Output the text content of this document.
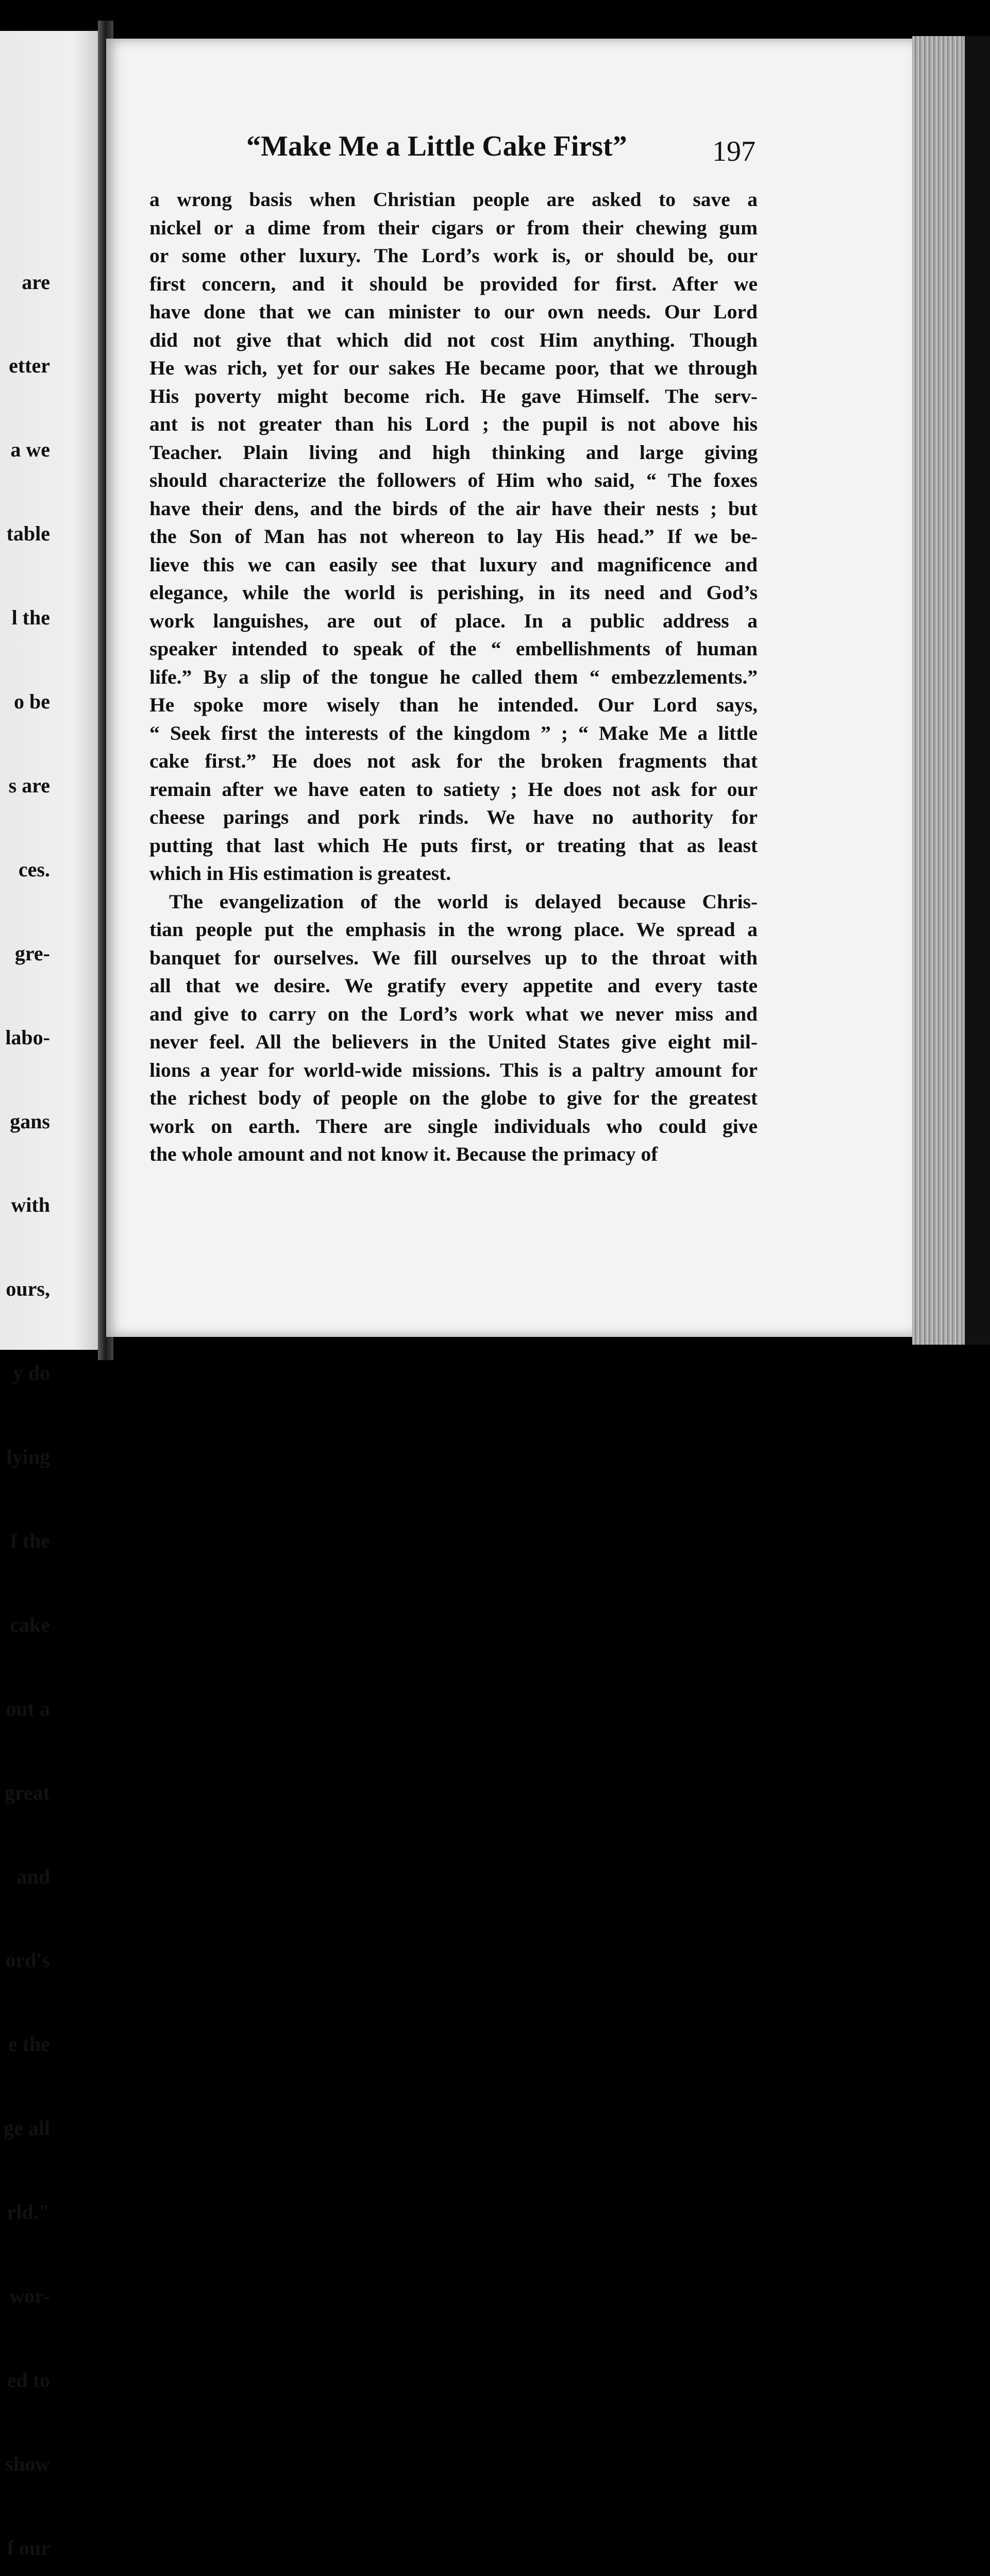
are

etter

a we

table

l the

o be

s are

ces.

gre-

labo-

gans

with

ours,

y do

lying

f the

cake

out a

great

and

ord's

e the

ge all

rld."

wor-

ed to

show

f our

“Make Me a Little Cake First”	197
a wrong basis when Christian people are asked to save a
nickel or a dime from their cigars or from their chewing gum
or some other luxury. The Lord’s work is, or should be, our
first concern, and it should be provided for first. After we
have done that we can minister to our own needs. Our Lord
did not give that which did not cost Him anything. Though
He was rich, yet for our sakes He became poor, that we through
His poverty might become rich. He gave Himself. The serv-
ant is not greater than his Lord ; the pupil is not above his
Teacher. Plain living and high thinking and large giving
should characterize the followers of Him who said, “ The foxes
have their dens, and the birds of the air have their nests ; but
the Son of Man has not whereon to lay His head.” If we be-
lieve this we can easily see that luxury and magnificence and
elegance, while the world is perishing, in its need and God’s
work languishes, are out of place. In a public address a
speaker intended to speak of the “ embellishments of human
life.” By a slip of the tongue he called them “ embezzlements.”
He spoke more wisely than he intended. Our Lord says,
“ Seek first the interests of the kingdom ” ; “ Make Me a little
cake first.” He does not ask for the broken fragments that
remain after we have eaten to satiety ; He does not ask for our
cheese parings and pork rinds. We have no authority for
putting that last which He puts first, or treating that as least
which in His estimation is greatest.
The evangelization of the world is delayed because Chris-
tian people put the emphasis in the wrong place. We spread a
banquet for ourselves. We fill ourselves up to the throat with
all that we desire. We gratify every appetite and every taste
and give to carry on the Lord’s work what we never miss and
never feel. All the believers in the United States give eight mil-
lions a year for world-wide missions. This is a paltry amount for
the richest body of people on the globe to give for the greatest
work on earth. There are single individuals who could give
the whole amount and not know it. Because the primacy of
